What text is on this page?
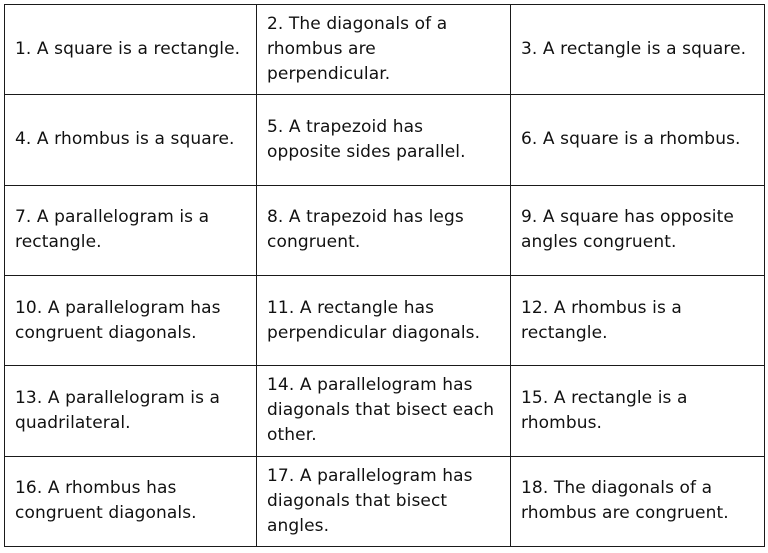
1. A square is a rectangle.	2. The diagonals of a rhombus are perpendicular.	3. A rectangle is a square.

4. A rhombus is a square.	5. A trapezoid has opposite sides parallel.	6. A square is a rhombus.

7. A parallelogram is a rectangle.	8. A trapezoid has legs congruent.	9. A square has opposite angles congruent.

10. A parallelogram has congruent diagonals.	11. A rectangle has perpendicular diagonals.	12. A rhombus is a rectangle.

13. A parallelogram is a quadrilateral.	14. A parallelogram has diagonals that bisect each other.	15. A rectangle is a rhombus.

16. A rhombus has congruent diagonals.	17. A parallelogram has diagonals that bisect angles.	18. The diagonals of a rhombus are congruent.
